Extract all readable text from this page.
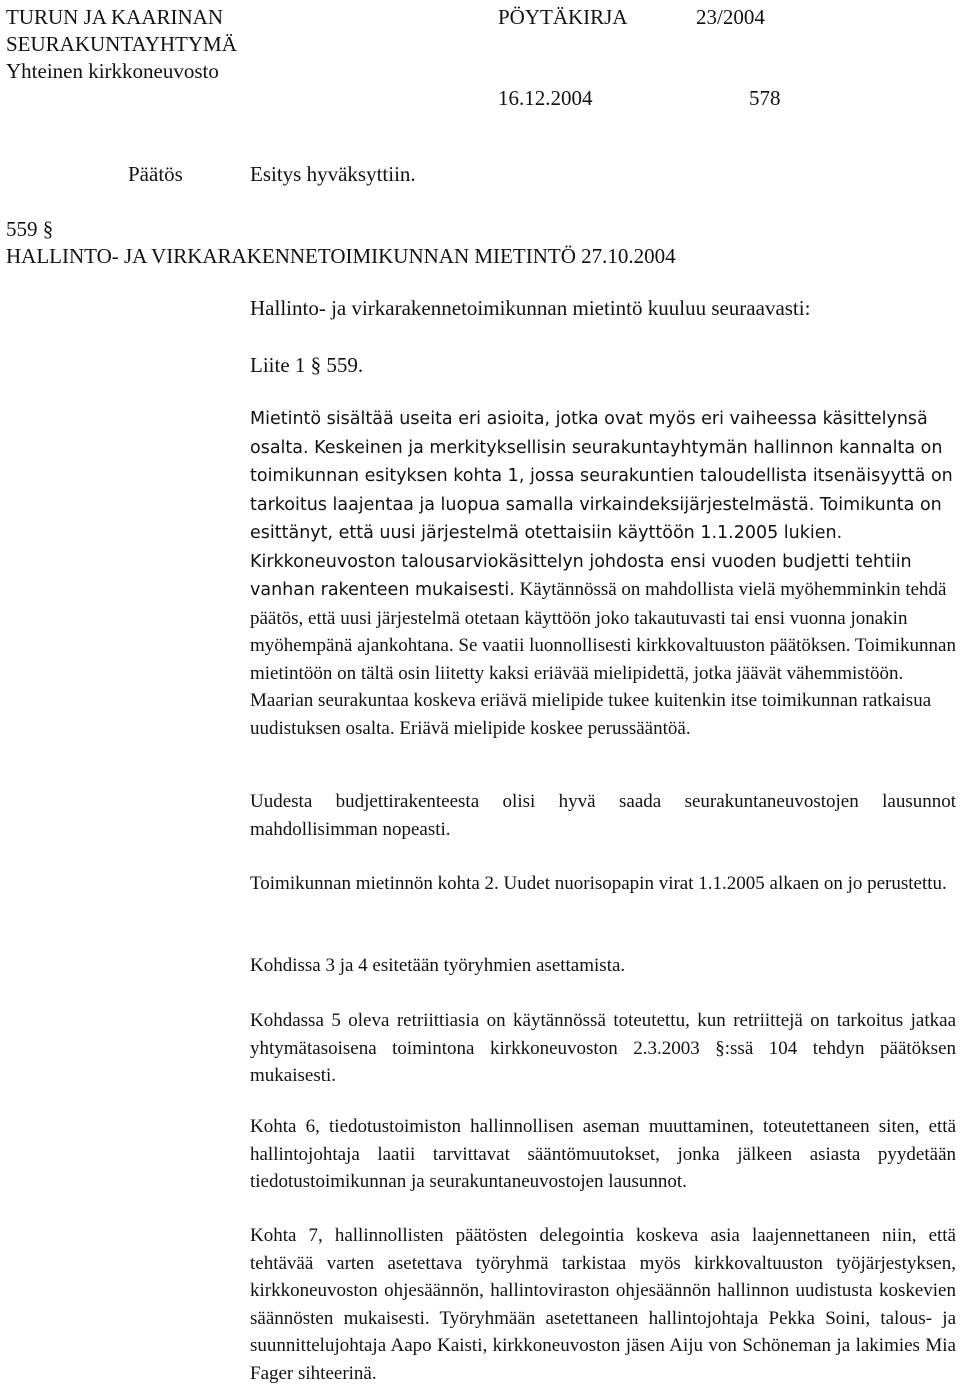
TURUN JA KAARINAN
SEURAKUNTAYHTYMÄ
Yhteinen kirkkoneuvosto
PÖYTÄKIRJA	23/2004
16.12.2004	578
Päätös	Esitys hyväksyttiin.
559 §
HALLINTO- JA VIRKARAKENNETOIMIKUNNAN MIETINTÖ 27.10.2004

Hallinto- ja virkarakennetoimikunnan mietintö kuuluu seuraavasti:

Liite 1 § 559.

Mietintö sisältää useita eri asioita, jotka ovat myös eri vaiheessa käsittelynsä osalta. Keskeinen ja merkityksellisin seurakuntayhtymän hallinnon kannalta on toimikunnan esityksen kohta 1, jossa seurakuntien taloudellista itsenäisyyttä on tarkoitus laajentaa ja luopua samalla virkaindeksijärjestelmästä. Toimikunta on esittänyt, että uusi järjestelmä otettaisiin käyttöön 1.1.2005 lukien. Kirkkoneuvoston talousarviokäsittelyn johdosta ensi vuoden budjetti tehtiin vanhan rakenteen mukaisesti. Käytännössä on mahdollista vielä myöhemminkin tehdä päätös, että uusi järjestelmä otetaan käyttöön joko takautuvasti tai ensi vuonna jonakin myöhempänä ajankohtana. Se vaatii luonnollisesti kirkkovaltuuston päätöksen. Toimikunnan mietintöön on tältä osin liitetty kaksi eriävää mielipidettä, jotka jäävät vähemmistöön. Maarian seurakuntaa koskeva eriävä mielipide tukee kuitenkin itse toimikunnan ratkaisua uudistuksen osalta. Eriävä mielipide koskee perussääntöä.

Uudesta budjettirakenteesta olisi hyvä saada seurakuntaneuvostojen lausunnot mahdollisimman nopeasti.

Toimikunnan mietinnön kohta 2. Uudet nuorisopapin virat 1.1.2005 alkaen on jo perustettu.

Kohdissa 3 ja 4 esitetään työryhmien asettamista.

Kohdassa 5 oleva retriittiasia on käytännössä toteutettu, kun retriittejä on tarkoitus jatkaa yhtymätasoisena toimintona kirkkoneuvoston 2.3.2003 §:ssä 104 tehdyn päätöksen mukaisesti.

Kohta 6, tiedotustoimiston hallinnollisen aseman muuttaminen, toteutettaneen siten, että hallintojohtaja laatii tarvittavat sääntömuutokset, jonka jälkeen asiasta pyydetään tiedotustoimikunnan ja seurakuntaneuvostojen lausunnot.

Kohta 7, hallinnollisten päätösten delegointia koskeva asia laajennettaneen niin, että tehtävää varten asetettava työryhmä tarkistaa myös kirkkovaltuuston työjärjestyksen, kirkkoneuvoston ohjesäännön, hallintoviraston ohjesäännön hallinnon uudistusta koskevien säännösten mukaisesti. Työryhmään asetettaneen hallintojohtaja Pekka Soini, talous- ja suunnittelujohtaja Aapo Kaisti, kirkkoneuvoston jäsen Aiju von Schöneman ja lakimies Mia Fager sihteerinä.
